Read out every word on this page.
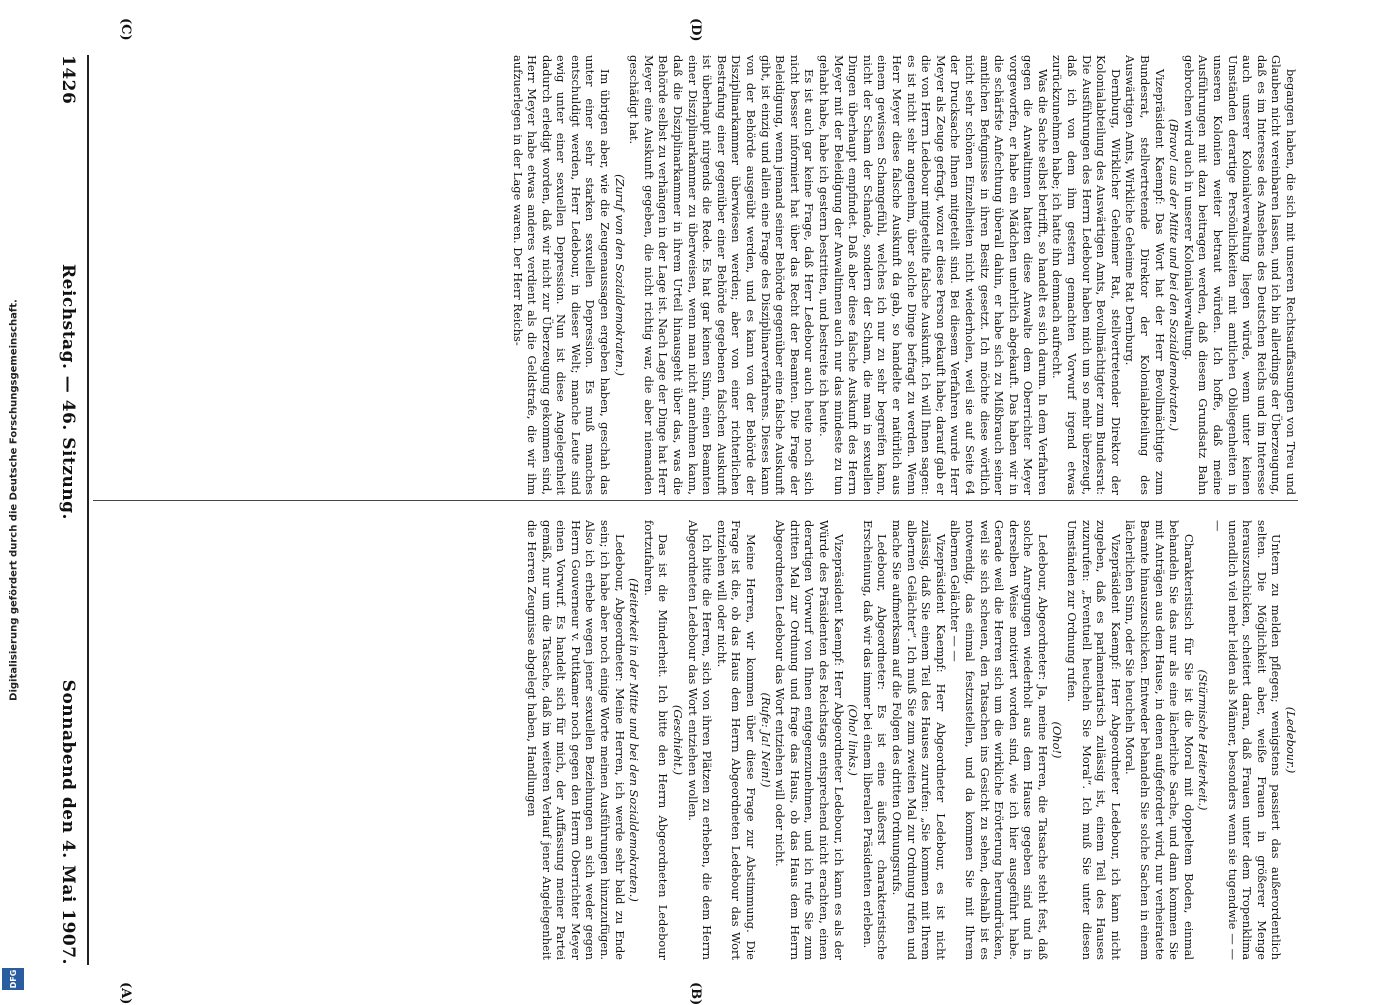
Digitalisierung gefördert durch die Deutsche Forschungsgemeinschaft.
DFG
1426
Reichstag. — 46. Sitzung.
Sonnabend den 4. Mai 1907.
(A)	(B)
(C)	(D)

(Ledebour.)

Untern zu melden pflegen; wenigstens passiert das außerordentlich selten. Die Möglichkeit aber, weiße Frauen in größerer Menge herauszuschicken, scheitert daran, daß Frauen unter dem Tropenklima unendlich viel mehr leiden als Männer, besonders wenn sie tugendwie — — —

(Stürmische Heiterkeit.)

Charakteristisch für Sie ist die Moral mit doppeltem Boden, einmal behandeln Sie das nur als eine lächerliche Sache, und dann kommen Sie mit Anträgen aus dem Hause, in denen aufgefordert wird, nur verheiratete Beamte hinauszuschicken. Entweder behandeln Sie solche Sachen in einem lächerlichen Sinn, oder Sie heucheln Moral.

Vizepräsident Kaempf: Herr Abgeordneter Ledebour, ich kann nicht zugeben, daß es parlamentarisch zulässig ist, einem Teil des Hauses zuzurufen: „Eventuell heucheln Sie Moral“. Ich muß Sie unter diesen Umständen zur Ordnung rufen.

(Oho!)

Ledebour, Abgeordneter: Ja, meine Herren, die Tatsache steht fest, daß solche Anregungen wiederholt aus dem Hause gegeben sind und in derselben Weise motiviert worden sind, wie ich hier ausgeführt habe. Gerade weil die Herren sich um die wirkliche Erörterung herumdrücken, weil sie sich scheuen, den Tatsachen ins Gesicht zu sehen, deshalb ist es notwendig, das einmal festzustellen, und da kommen Sie mit Ihrem albernen Gelächter — —

Vizepräsident Kaempf: Herr Abgeordneter Ledebour, es ist nicht zulässig, daß Sie einem Teil des Hauses zurufen: „Sie kommen mit Ihrem albernen Gelächter“. Ich muß Sie zum zweiten Mal zur Ordnung rufen und mache Sie aufmerksam auf die Folgen des dritten Ordnungsrufs.

Ledebour, Abgeordneter: Es ist eine äußerst charakteristische Erscheinung, daß wir das immer bei einem liberalen Präsidenten erleben.

(Oho! links.)

Vizepräsident Kaempf: Herr Abgeordneter Ledebour, ich kann es als der Würde des Präsidenten des Reichstags entsprechend nicht erachten, einen derartigen Vorwurf von Ihnen entgegenzunehmen, und ich rufe Sie zum dritten Mal zur Ordnung und frage das Haus, ob das Haus dem Herrn Abgeordneten Ledebour das Wort entziehen will oder nicht.

(Rufe: Ja! Nein!)

Meine Herren, wir kommen über diese Frage zur Abstimmung. Die Frage ist die, ob das Haus dem Herrn Abgeordneten Ledebour das Wort entziehen will oder nicht.

Ich bitte die Herren, sich von ihren Plätzen zu erheben, die dem Herrn Abgeordneten Ledebour das Wort entziehen wollen.

(Geschieht.)

Das ist die Minderheit. Ich bitte den Herrn Abgeordneten Ledebour fortzufahren.

(Heiterkeit in der Mitte und bei den Sozialdemokraten.)

Ledebour, Abgeordneter: Meine Herren, ich werde sehr bald zu Ende sein; ich habe aber noch einige Worte meinen Ausführungen hinzuzufügen. Also ich erhebe wegen jener sexuellen Beziehungen an sich weder gegen Herrn Gouverneur v. Puttkamer noch gegen den Herrn Oberrichter Meyer einen Vorwurf. Es handelt sich für mich, der Auffassung meiner Partei gemäß, nur um die Tatsache, daß im weiteren Verlauf jener Angelegenheit die Herren Zeugnisse abgelegt haben, Handlungen

begangen haben, die sich mit unseren Rechtsauffassungen von Treu und Glauben nicht vereinbaren lassen, und ich bin allerdings der Überzeugung, daß es im Interesse des Ansehens des Deutschen Reichs und im Interesse auch unserer Kolonialverwaltung liegen würde, wenn unter keinen Umständen derartige Persönlichkeiten mit amtlichen Obliegenheiten in unseren Kolonien weiter betraut würden. Ich hoffe, daß meine Ausführungen mit dazu beitragen werden, daß diesem Grundsatz Bahn gebrochen wird auch in unserer Kolonialverwaltung.

(Bravo! aus der Mitte und bei den Sozialdemokraten.)

Vizepräsident Kaempf: Das Wort hat der Herr Bevollmächtigte zum Bundesrat, stellvertretende Direktor der Kolonialabteilung des Auswärtigen Amts, Wirkliche Geheime Rat Dernburg.

Dernburg, Wirklicher Geheimer Rat, stellvertretender Direktor der Kolonialabteilung des Auswärtigen Amts, Bevollmächtigter zum Bundesrat: Die Ausführungen des Herrn Ledebour haben mich um so mehr überzeugt, daß ich von dem ihm gestern gemachten Vorwurf irgend etwas zurückzunehmen habe; ich hatte ihn demnach aufrecht.

Was die Sache selbst betrifft, so handelt es sich darum. In dem Verfahren gegen die Anwaltinnen hatten diese Anwalte dem Oberrichter Meyer vorgeworfen, er habe ein Mädchen unehrlich abgekauft. Das haben wir in die schärfste Anfechtung überall dahin, er habe sich zu Mißbrauch seiner amtlichen Befugnisse in ihren Besitz gesetzt. Ich möchte diese wörtlich nicht sehr schönen Einzelheiten nicht wiederholen, weil sie auf Seite 64 der Drucksache Ihnen mitgeteilt sind. Bei diesem Verfahren wurde Herr Meyer als Zeuge gefragt, wozu er diese Person gekauft habe; darauf gab er die von Herrn Ledebour mitgeteilte falsche Auskunft. Ich will Ihnen sagen: es ist nicht sehr angenehm, über solche Dinge befragt zu werden. Wenn Herr Meyer diese falsche Auskunft da gab, so handelte er natürlich aus einem gewissen Schamgefühl, welches ich nur zu sehr begreifen kann, nicht der Scham der Schande, sondern der Scham, die man in sexuellen Dingen überhaupt empfindet. Daß aber diese falsche Auskunft des Herrn Meyer mit der Beleidigung der Anwaltinnen auch nur das mindeste zu tun gehabt habe, habe ich gestern bestritten, und bestreite ich heute.

Es ist auch gar keine Frage, daß Herr Ledebour auch heute noch sich nicht besser informiert hat über das Recht der Beamten. Die Frage der Beleidigung, wenn jemand seiner Behörde gegenüber eine falsche Auskunft gibt, ist einzig und allein eine Frage des Disziplinarverfahrens. Dieses kann von der Behörde ausgeübt werden, und es kann von der Behörde der Disziplinarkammer überwiesen werden; aber von einer richterlichen Bestrafung einer gegenüber einer Behörde gegebenen falschen Auskunft ist überhaupt nirgends die Rede. Es hat gar keinen Sinn, einen Beamten einer Disziplinarkammer zu überweisen, wenn man nicht annehmen kann, daß die Disziplinarkammer in ihrem Urteil hinausgeht über das, was die Behörde selbst zu verhängen in der Lage ist. Nach Lage der Dinge hat Herr Meyer eine Auskunft gegeben, die nicht richtig war, die aber niemanden geschädigt hat.

(Zuruf von den Sozialdemokraten.)

Im übrigen aber, wie die Zeugenaussagen ergeben haben, geschah das unter einer sehr starken sexuellen Depression. Es muß manches entschuldigt werden, Herr Ledebour, in dieser Welt; manche Leute sind ewig unter einer sexuellen Depression. Nun ist diese Angelegenheit dadurch erledigt worden, daß wir nicht zur Überzeugung gekommen sind, Herr Meyer habe etwas anderes verdient als die Geldstrafe, die wir ihm aufzuerlegen in der Lage waren. Der Herr Reichs-
